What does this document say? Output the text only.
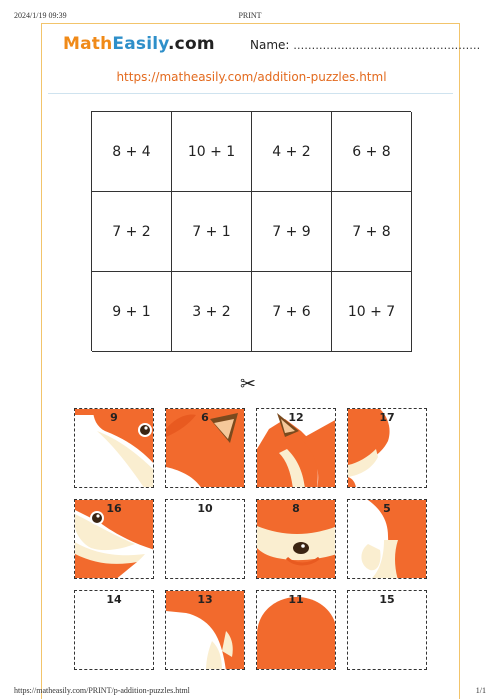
2024/1/19 09:39	PRINT
MathEasily.com	Name: ……………………………………………
https://matheasily.com/addition-puzzles.html
8 + 4	10 + 1	4 + 2	6 + 8
7 + 2	7 + 1	7 + 9	7 + 8
9 + 1	3 + 2	7 + 6	10 + 7
✂
9	6	12	17
16	10	8	5
14	13	11	15
https://matheasily.com/PRINT/p-addition-puzzles.html	1/1
